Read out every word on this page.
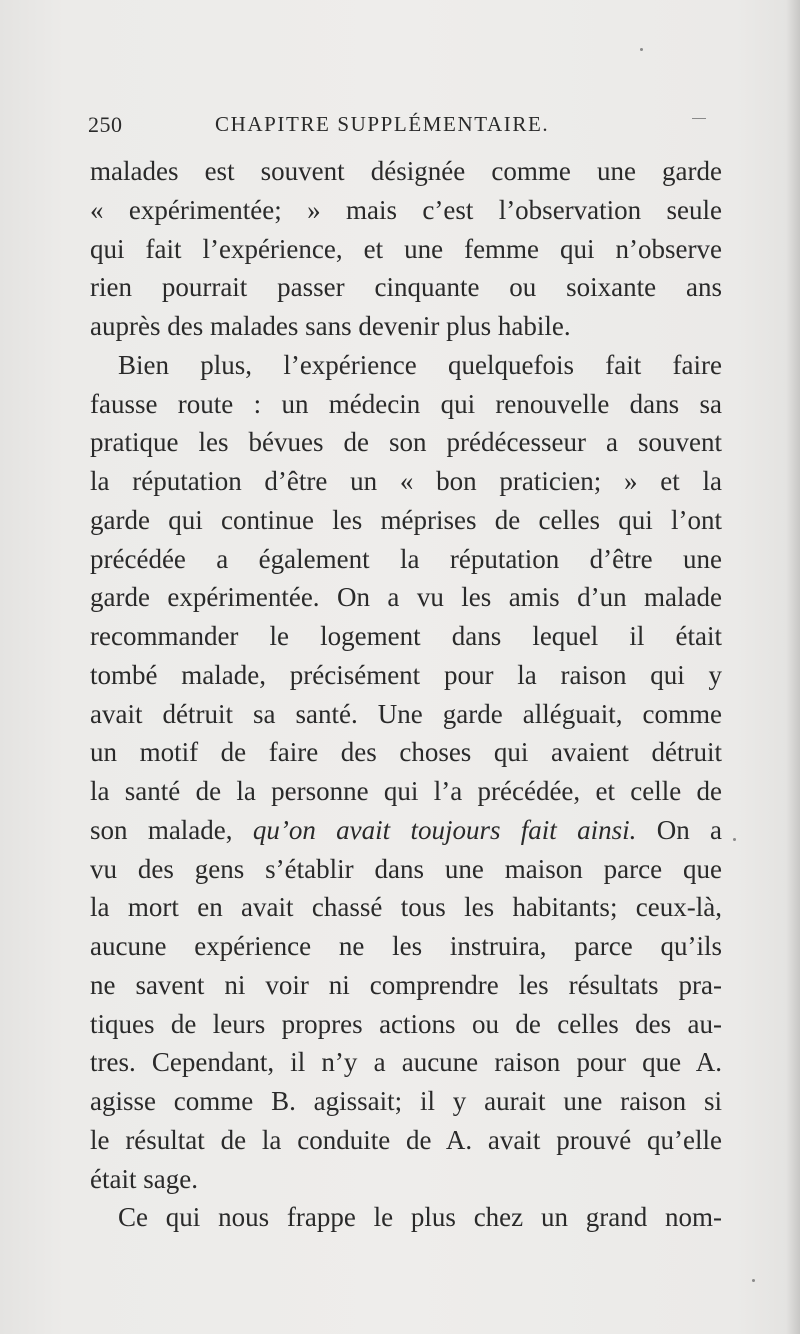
250	CHAPITRE SUPPLÉMENTAIRE.
malades est souvent désignée comme une garde
« expérimentée; » mais c’est l’observation seule
qui fait l’expérience, et une femme qui n’observe
rien pourrait passer cinquante ou soixante ans
auprès des malades sans devenir plus habile.
Bien plus, l’expérience quelquefois fait faire
fausse route : un médecin qui renouvelle dans sa
pratique les bévues de son prédécesseur a souvent
la réputation d’être un « bon praticien; » et la
garde qui continue les méprises de celles qui l’ont
précédée a également la réputation d’être une
garde expérimentée. On a vu les amis d’un malade
recommander le logement dans lequel il était
tombé malade, précisément pour la raison qui y
avait détruit sa santé. Une garde alléguait, comme
un motif de faire des choses qui avaient détruit
la santé de la personne qui l’a précédée, et celle de
son malade, qu’on avait toujours fait ainsi. On a
vu des gens s’établir dans une maison parce que
la mort en avait chassé tous les habitants; ceux-là,
aucune expérience ne les instruira, parce qu’ils
ne savent ni voir ni comprendre les résultats pra-
tiques de leurs propres actions ou de celles des au-
tres. Cependant, il n’y a aucune raison pour que A.
agisse comme B. agissait; il y aurait une raison si
le résultat de la conduite de A. avait prouvé qu’elle
était sage.
Ce qui nous frappe le plus chez un grand nom-
